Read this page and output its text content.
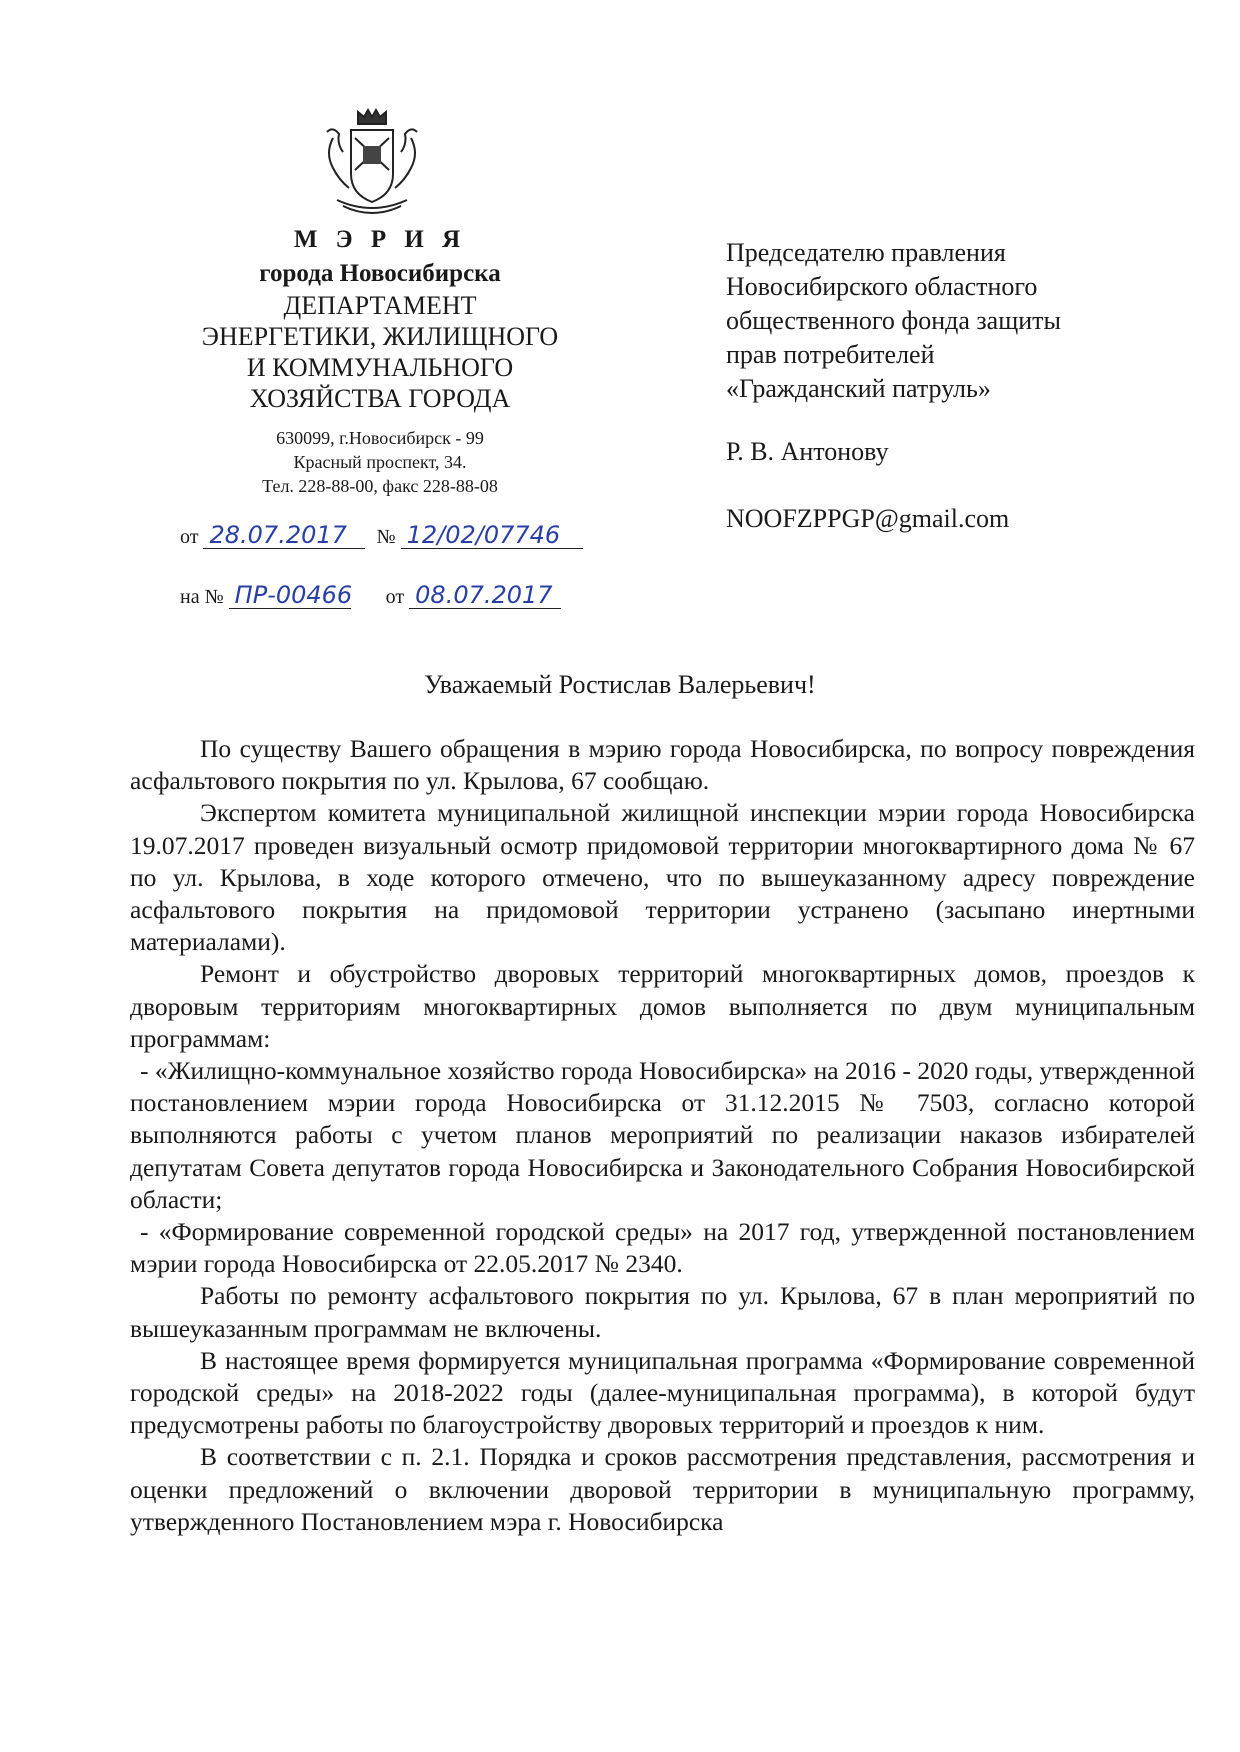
М Э Р И Я
города Новосибирска
ДЕПАРТАМЕНТ
ЭНЕРГЕТИКИ, ЖИЛИЩНОГО
И КОММУНАЛЬНОГО
ХОЗЯЙСТВА ГОРОДА
630099, г.Новосибирск - 99
Красный проспект, 34.
Тел. 228-88-00, факс 228-88-08
от 28.07.2017 № 12/02/07746
на № ПР-00466 от 08.07.2017
Председателю правления
Новосибирского областного
общественного фонда защиты
прав потребителей
«Гражданский патруль»
Р. В. Антонову
NOOFZPPGP@gmail.com
Уважаемый Ростислав Валерьевич!

По существу Вашего обращения в мэрию города Новосибирска, по вопросу повреждения асфальтового покрытия по ул. Крылова, 67 сообщаю.

Экспертом комитета муниципальной жилищной инспекции мэрии города Новосибирска 19.07.2017 проведен визуальный осмотр придомовой территории многоквартирного дома № 67 по ул. Крылова, в ходе которого отмечено, что по вышеуказанному адресу повреждение асфальтового покрытия на придомовой территории устранено (засыпано инертными материалами).

Ремонт и обустройство дворовых территорий многоквартирных домов, проездов к дворовым территориям многоквартирных домов выполняется по двум муниципальным программам:

- «Жилищно-коммунальное хозяйство города Новосибирска» на 2016 - 2020 годы, утвержденной постановлением мэрии города Новосибирска от 31.12.2015 № 7503, согласно которой выполняются работы с учетом планов мероприятий по реализации наказов избирателей депутатам Совета депутатов города Новосибирска и Законодательного Собрания Новосибирской области;

- «Формирование современной городской среды» на 2017 год, утвержденной постановлением мэрии города Новосибирска от 22.05.2017 № 2340.

Работы по ремонту асфальтового покрытия по ул. Крылова, 67 в план мероприятий по вышеуказанным программам не включены.

В настоящее время формируется муниципальная программа «Формирование современной городской среды» на 2018-2022 годы (далее-муниципальная программа), в которой будут предусмотрены работы по благоустройству дворовых территорий и проездов к ним.

В соответствии с п. 2.1. Порядка и сроков рассмотрения представления, рассмотрения и оценки предложений о включении дворовой территории в муниципальную программу, утвержденного Постановлением мэра г. Новосибирска
